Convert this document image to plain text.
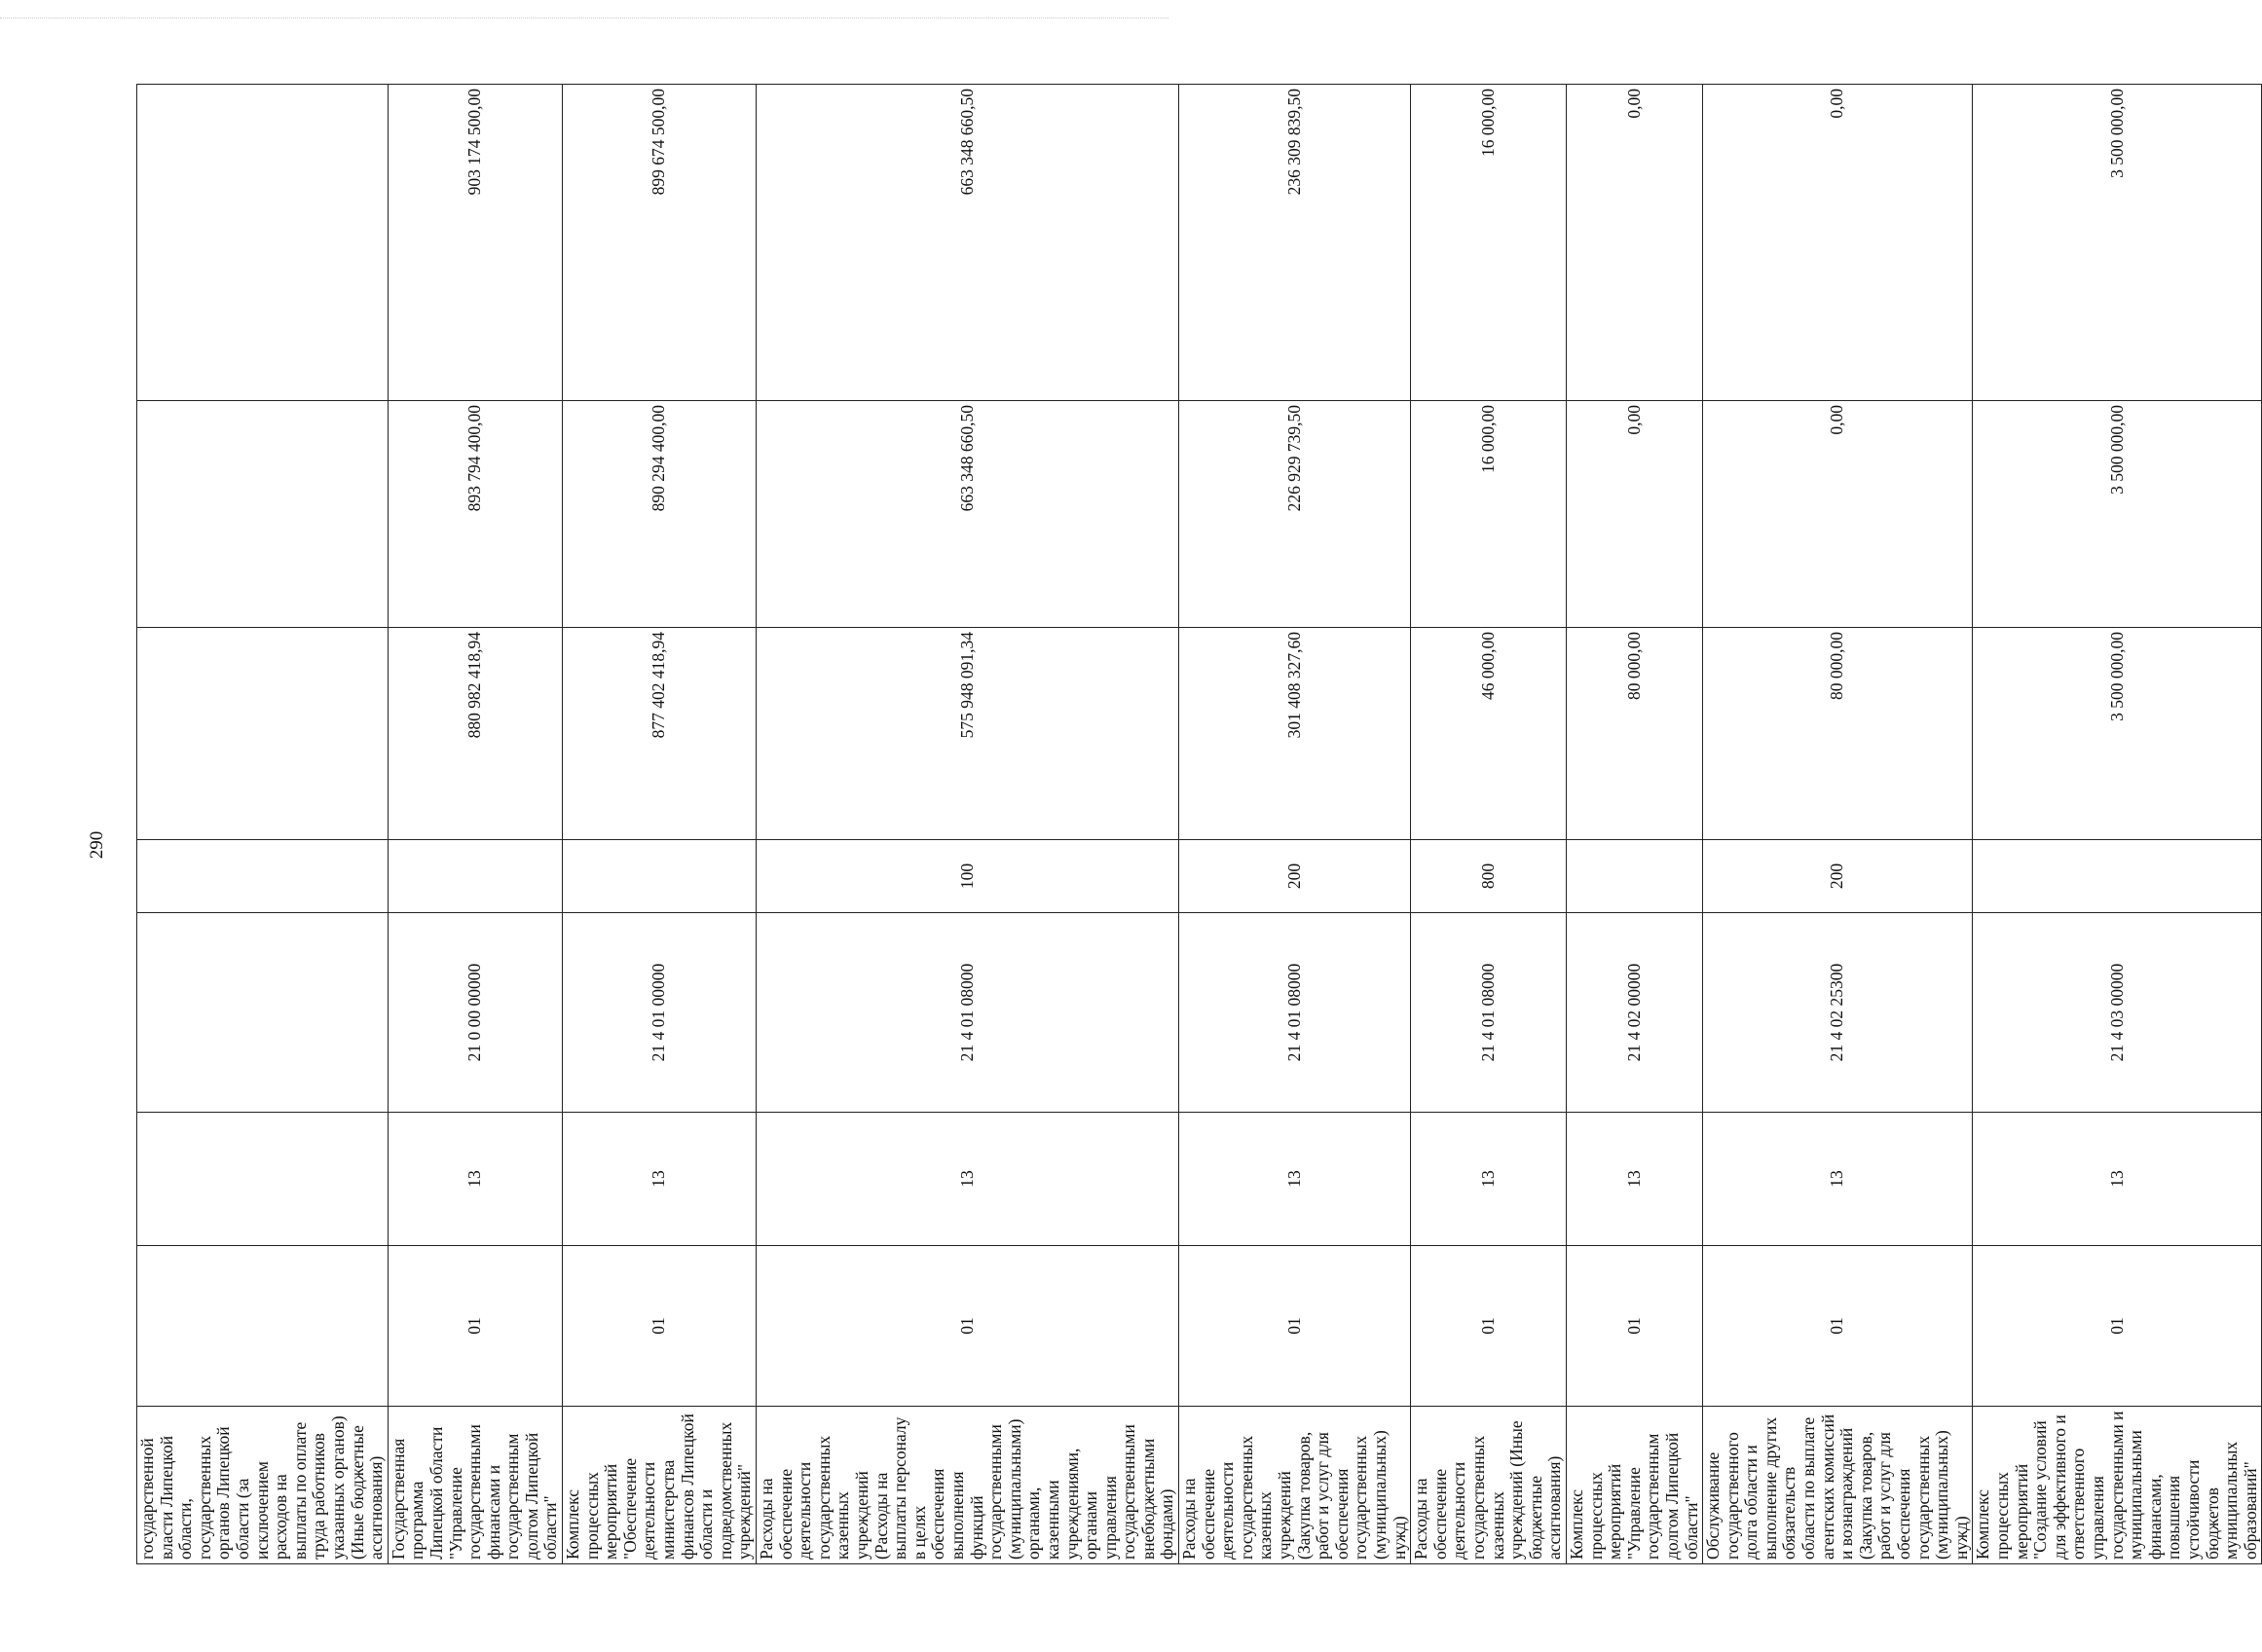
290
государственной власти Липецкой области, государственных органов Липецкой области (за исключением расходов на выплаты по оплате труда работников указанных органов) (Иные бюджетные ассигнования)							
Государственная программа Липецкой области "Управление государственными финансами и государственным долгом Липецкой области"	01	13	21 0 00 00000		880 982 418,94	893 794 400,00	903 174 500,00
Комплекс процессных мероприятий "Обеспечение деятельности министерства финансов Липецкой области и подведомственных учреждений"	01	13	21 4 01 00000		877 402 418,94	890 294 400,00	899 674 500,00
Расходы на обеспечение деятельности государственных казенных учреждений (Расходы на выплаты персоналу в целях обеспечения выполнения функций государственными (муниципальными) органами, казенными учреждениями, органами управления государственными внебюджетными фондами)	01	13	21 4 01 08000	100	575 948 091,34	663 348 660,50	663 348 660,50
Расходы на обеспечение деятельности государственных казенных учреждений (Закупка товаров, работ и услуг для обеспечения государственных (муниципальных) нужд)	01	13	21 4 01 08000	200	301 408 327,60	226 929 739,50	236 309 839,50
Расходы на обеспечение деятельности государственных казенных учреждений (Иные бюджетные ассигнования)	01	13	21 4 01 08000	800	46 000,00	16 000,00	16 000,00
Комплекс процессных мероприятий "Управление государственным долгом Липецкой области"	01	13	21 4 02 00000		80 000,00	0,00	0,00
Обслуживание государственного долга области и выполнение других обязательств области по выплате агентских комиссий и вознаграждений (Закупка товаров, работ и услуг для обеспечения государственных (муниципальных) нужд)	01	13	21 4 02 25300	200	80 000,00	0,00	0,00
Комплекс процессных мероприятий "Создание условий для эффективного и ответственного управления государственными и муниципальными финансами, повышения устойчивости бюджетов муниципальных образований"	01	13	21 4 03 00000		3 500 000,00	3 500 000,00	3 500 000,00
